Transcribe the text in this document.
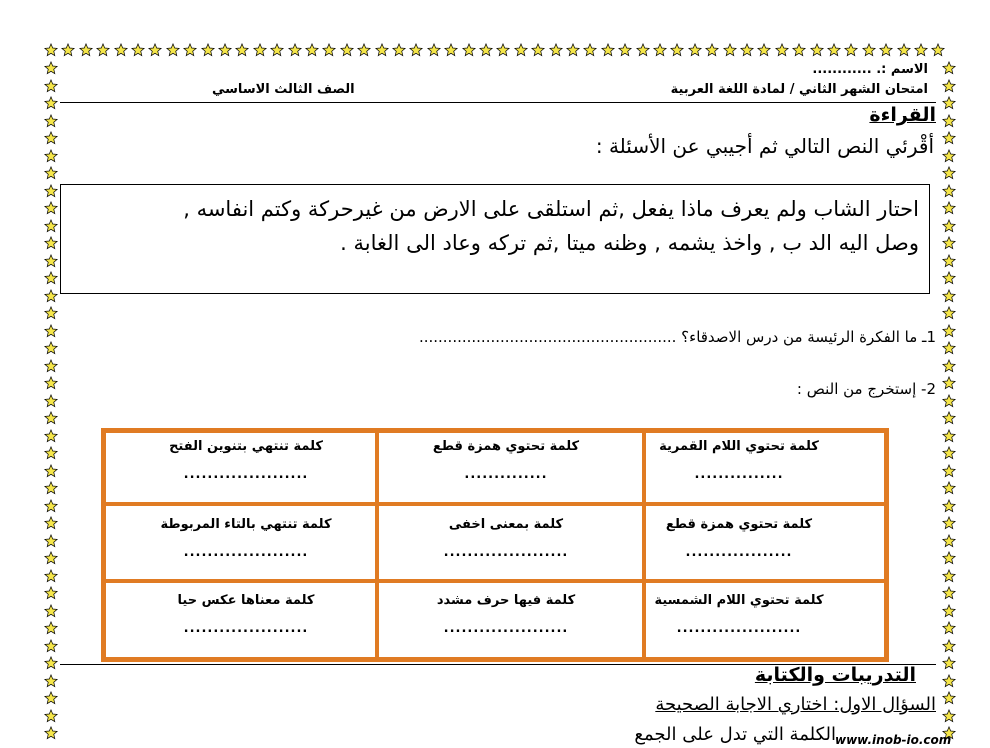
الاسم :. ............
امتحان الشهر الثاني / لمادة اللغة العربية
الصف الثالث الاساسي
القراءة
أقْرئي النص التالي ثم أجيبي عن الأسئلة :
احتار الشاب ولم يعرف ماذا يفعل ,ثم استلقى على الارض من غيرحركة وكتم انفاسه ,
وصل اليه الد ب , واخذ يشمه , وظنه ميتا ,ثم تركه وعاد الى الغابة .
1ـ ما الفكرة الرئيسة من درس الاصدقاء؟ ......................................................
2- إستخرج من النص :
كلمة تحتوي اللام القمرية
...............
كلمة تحتوي همزة قطع
..............
كلمة تنتهي بتنوين الفتح
.....................
كلمة تحتوي همزة قطع
..................
كلمة بمعنى اخفى
.....................
كلمة تنتهي بالتاء المربوطة
.....................
كلمة تحتوي اللام الشمسية
.....................
كلمة فيها حرف مشدد
.....................
كلمة معناها عكس حيا
.....................
التدريبات والكتابة
السؤال الاول: اختاري الاجابة الصحيحة
الكلمة التي تدل على الجمع www.inob-io.com
